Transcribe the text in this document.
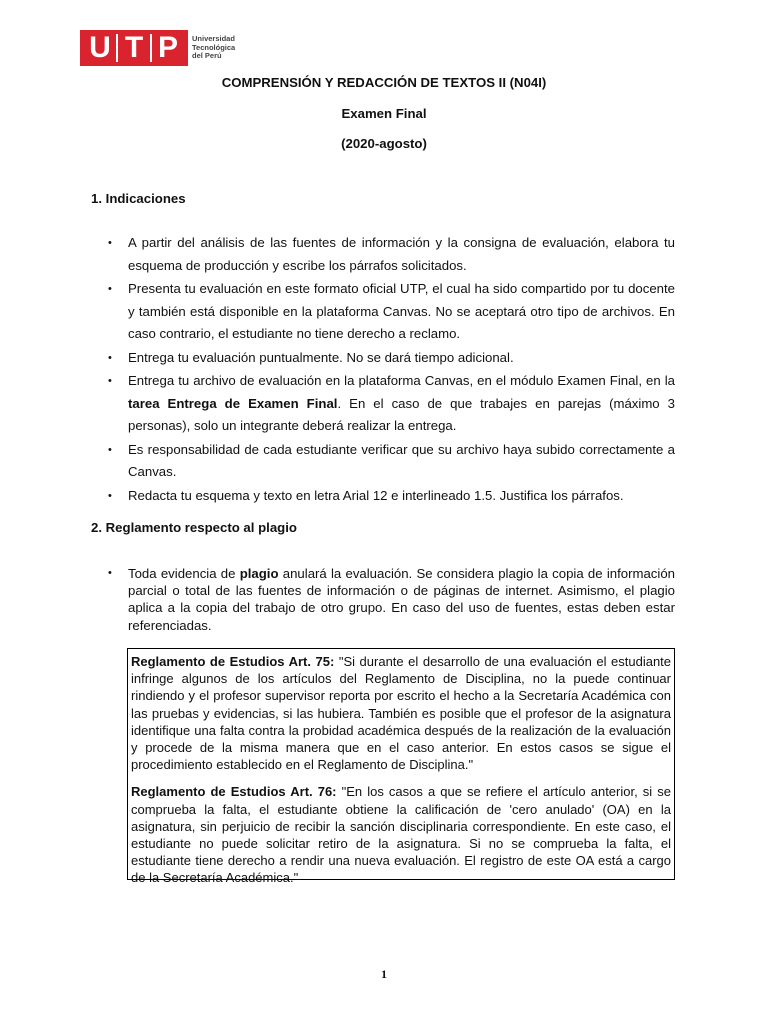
U T P	Universidad
Tecnológica
del Perú
COMPRENSIÓN Y REDACCIÓN DE TEXTOS II (N04I)
Examen Final
(2020-agosto)
1. Indicaciones
• A partir del análisis de las fuentes de información y la consigna de evaluación, elabora tu esquema de producción y escribe los párrafos solicitados.
• Presenta tu evaluación en este formato oficial UTP, el cual ha sido compartido por tu docente y también está disponible en la plataforma Canvas. No se aceptará otro tipo de archivos. En caso contrario, el estudiante no tiene derecho a reclamo.
• Entrega tu evaluación puntualmente. No se dará tiempo adicional.
• Entrega tu archivo de evaluación en la plataforma Canvas, en el módulo Examen Final, en la tarea Entrega de Examen Final. En el caso de que trabajes en parejas (máximo 3 personas), solo un integrante deberá realizar la entrega.
• Es responsabilidad de cada estudiante verificar que su archivo haya subido correctamente a Canvas.
• Redacta tu esquema y texto en letra Arial 12 e interlineado 1.5. Justifica los párrafos.
2. Reglamento respecto al plagio
• Toda evidencia de plagio anulará la evaluación. Se considera plagio la copia de información parcial o total de las fuentes de información o de páginas de internet. Asimismo, el plagio aplica a la copia del trabajo de otro grupo. En caso del uso de fuentes, estas deben estar referenciadas.

Reglamento de Estudios Art. 75: "Si durante el desarrollo de una evaluación el estudiante infringe algunos de los artículos del Reglamento de Disciplina, no la puede continuar rindiendo y el profesor supervisor reporta por escrito el hecho a la Secretaría Académica con las pruebas y evidencias, si las hubiera. También es posible que el profesor de la asignatura identifique una falta contra la probidad académica después de la realización de la evaluación y procede de la misma manera que en el caso anterior. En estos casos se sigue el procedimiento establecido en el Reglamento de Disciplina."

Reglamento de Estudios Art. 76: "En los casos a que se refiere el artículo anterior, si se comprueba la falta, el estudiante obtiene la calificación de 'cero anulado' (OA) en la asignatura, sin perjuicio de recibir la sanción disciplinaria correspondiente. En este caso, el estudiante no puede solicitar retiro de la asignatura. Si no se comprueba la falta, el estudiante tiene derecho a rendir una nueva evaluación. El registro de este OA está a cargo de la Secretaría Académica."

1
